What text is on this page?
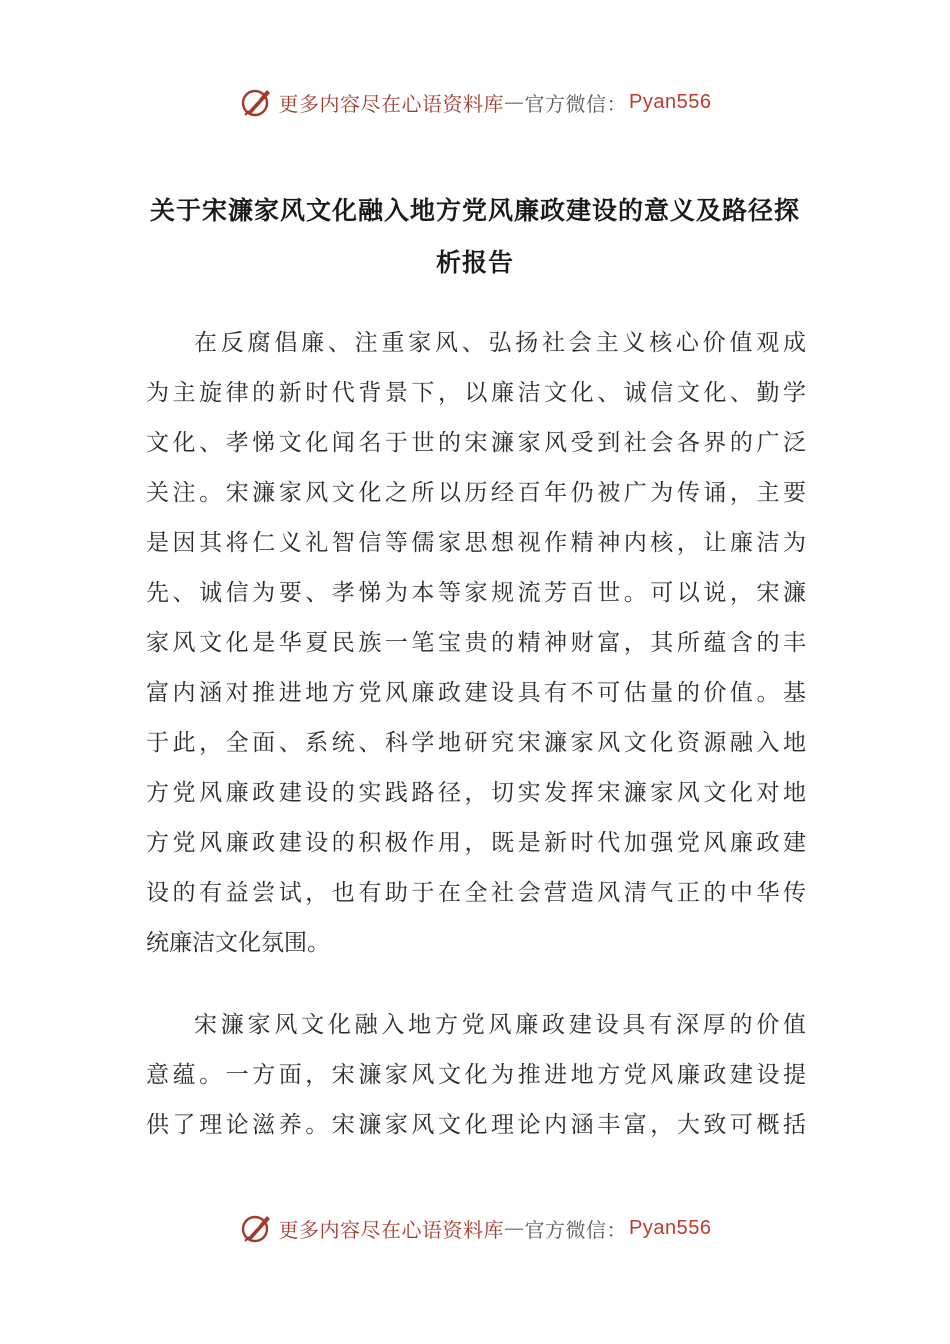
更多内容尽在心语资料库 — 官方微信： Pyan556
关于宋濂家风文化融入地方党风廉政建设的意义及路径探
析报告
在反腐倡廉、注重家风、弘扬社会主义核心价值观成
为主旋律的新时代背景下，以廉洁文化、诚信文化、勤学
文化、孝悌文化闻名于世的宋濂家风受到社会各界的广泛
关注。宋濂家风文化之所以历经百年仍被广为传诵，主要
是因其将仁义礼智信等儒家思想视作精神内核，让廉洁为
先、诚信为要、孝悌为本等家规流芳百世。可以说，宋濂
家风文化是华夏民族一笔宝贵的精神财富，其所蕴含的丰
富内涵对推进地方党风廉政建设具有不可估量的价值。基
于此，全面、系统、科学地研究宋濂家风文化资源融入地
方党风廉政建设的实践路径，切实发挥宋濂家风文化对地
方党风廉政建设的积极作用，既是新时代加强党风廉政建
设的有益尝试，也有助于在全社会营造风清气正的中华传
统廉洁文化氛围。
宋濂家风文化融入地方党风廉政建设具有深厚的价值
意蕴。一方面，宋濂家风文化为推进地方党风廉政建设提
供了理论滋养。宋濂家风文化理论内涵丰富，大致可概括
更多内容尽在心语资料库 — 官方微信： Pyan556
